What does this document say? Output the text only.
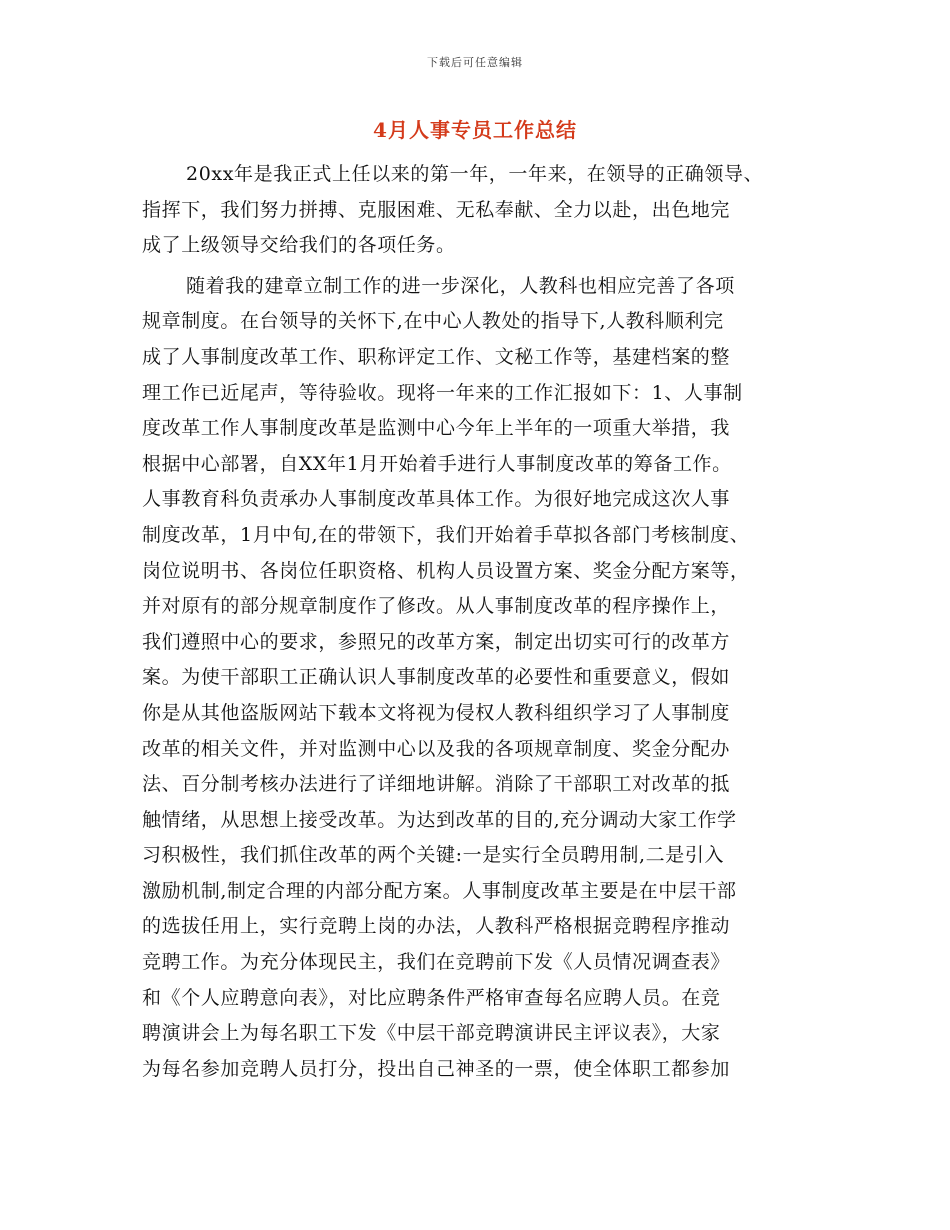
下载后可任意编辑
4月人事专员工作总结
20xx年是我正式上任以来的第一年，一年来，在领导的正确领导、
指挥下，我们努力拼搏、克服困难、无私奉献、全力以赴，出色地完
成了上级领导交给我们的各项任务。
随着我的建章立制工作的进一步深化，人教科也相应完善了各项
规章制度。在台领导的关怀下,在中心人教处的指导下,人教科顺利完
成了人事制度改革工作、职称评定工作、文秘工作等，基建档案的整
理工作已近尾声，等待验收。现将一年来的工作汇报如下：1、人事制
度改革工作人事制度改革是监测中心今年上半年的一项重大举措，我
根据中心部署，自XX年1月开始着手进行人事制度改革的筹备工作。
人事教育科负责承办人事制度改革具体工作。为很好地完成这次人事
制度改革，1月中旬,在的带领下，我们开始着手草拟各部门考核制度、
岗位说明书、各岗位任职资格、机构人员设置方案、奖金分配方案等，
并对原有的部分规章制度作了修改。从人事制度改革的程序操作上，
我们遵照中心的要求，参照兄的改革方案，制定出切实可行的改革方
案。为使干部职工正确认识人事制度改革的必要性和重要意义，假如
你是从其他盗版网站下载本文将视为侵权人教科组织学习了人事制度
改革的相关文件，并对监测中心以及我的各项规章制度、奖金分配办
法、百分制考核办法进行了详细地讲解。消除了干部职工对改革的抵
触情绪，从思想上接受改革。为达到改革的目的,充分调动大家工作学
习积极性，我们抓住改革的两个关键:一是实行全员聘用制,二是引入
激励机制,制定合理的内部分配方案。人事制度改革主要是在中层干部
的选拔任用上，实行竞聘上岗的办法，人教科严格根据竞聘程序推动
竞聘工作。为充分体现民主，我们在竞聘前下发《人员情况调查表》
和《个人应聘意向表》，对比应聘条件严格审查每名应聘人员。在竞
聘演讲会上为每名职工下发《中层干部竞聘演讲民主评议表》，大家
为每名参加竞聘人员打分，投出自己神圣的一票，使全体职工都参加
